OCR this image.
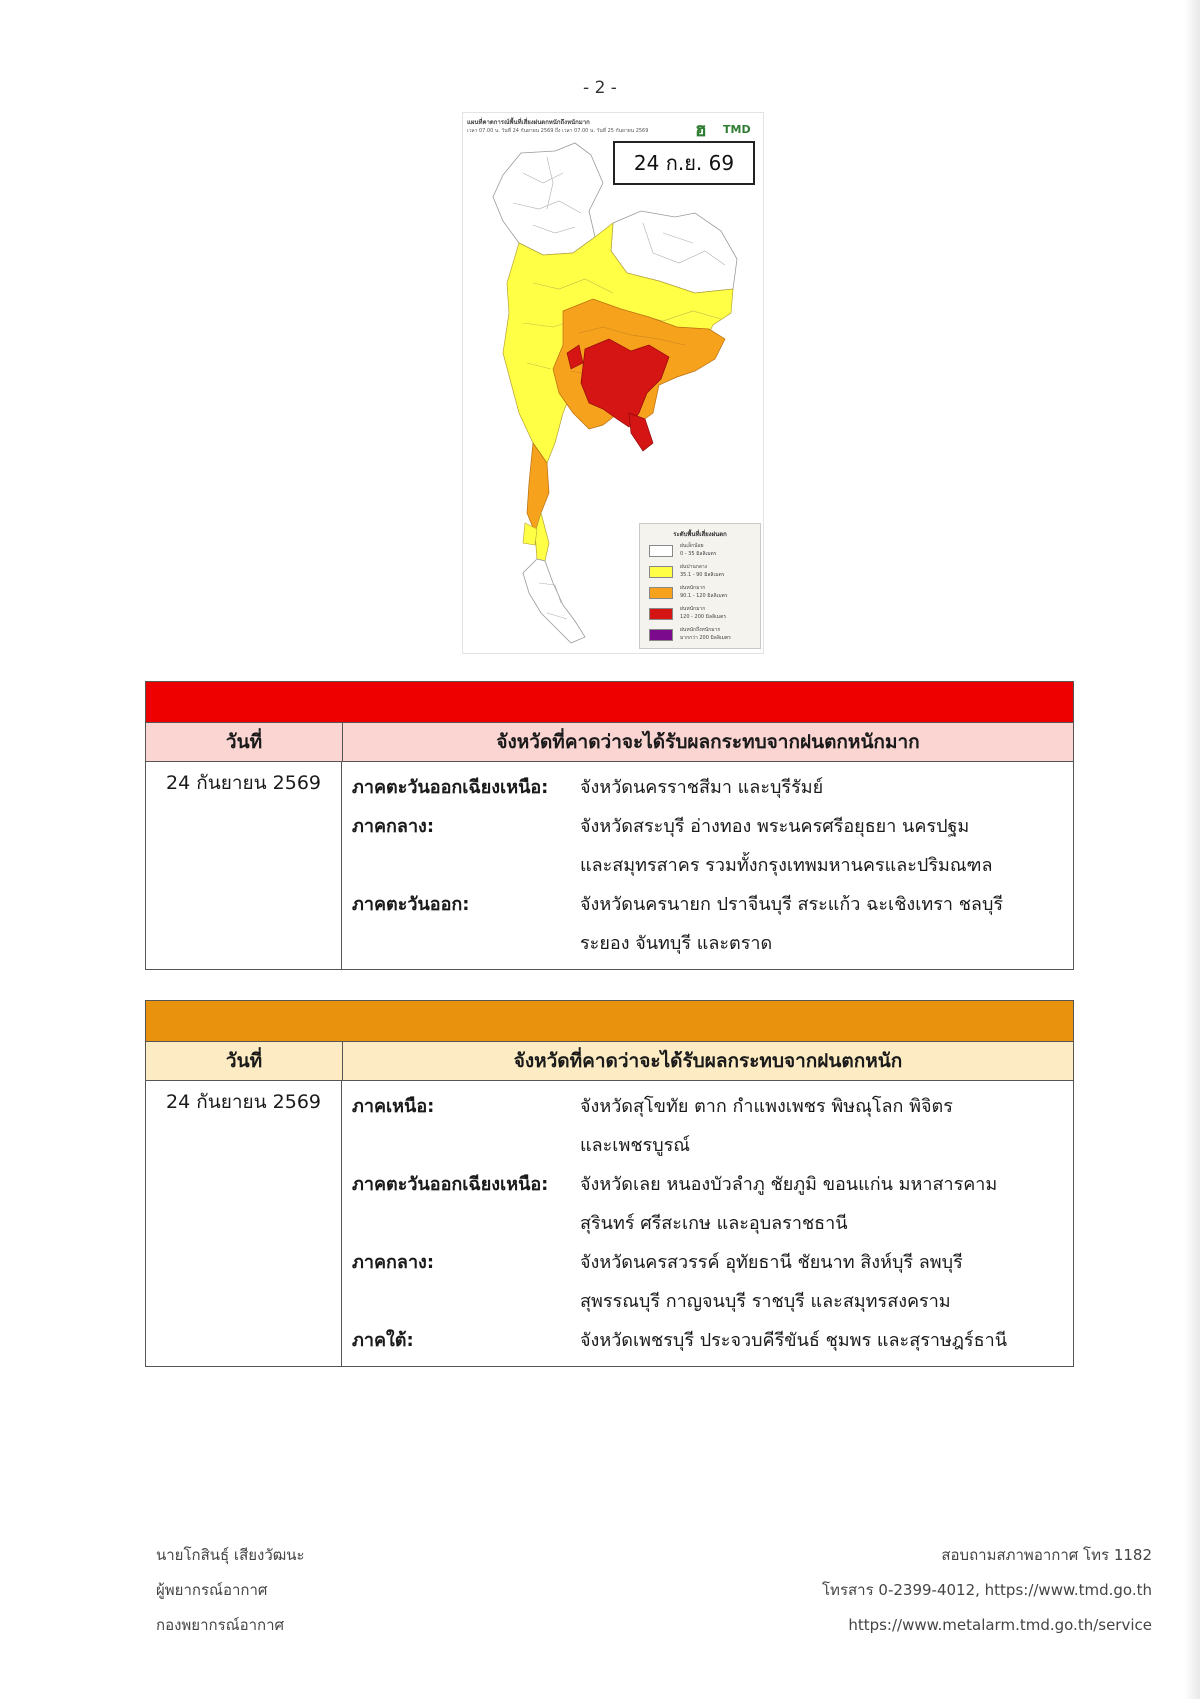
- 2 -
แผนที่คาดการณ์พื้นที่เสี่ยงฝนตกหนักถึงหนักมาก
เวลา 07.00 น. วันที่ 24 กันยายน 2569 ถึง เวลา 07.00 น. วันที่ 25 กันยายน 2569 ฮ TMD
24 ก.ย. 69
ระดับพื้นที่เสี่ยงฝนตก
ฝนเล็กน้อย
0 - 35 มิลลิเมตร
ฝนปานกลาง
35.1 - 90 มิลลิเมตร
ฝนหนักมาก
90.1 - 120 มิลลิเมตร
ฝนหนักมาก
120 - 200 มิลลิเมตร
ฝนหนักถึงหนักมาก
มากกว่า 200 มิลลิเมตร
วันที่	จังหวัดที่คาดว่าจะได้รับผลกระทบจากฝนตกหนักมาก
24 กันยายน 2569	ภาคตะวันออกเฉียงเหนือ:	จังหวัดนครราชสีมา และบุรีรัมย์
ภาคกลาง:	จังหวัดสระบุรี อ่างทอง พระนครศรีอยุธยา นครปฐม
และสมุทรสาคร รวมทั้งกรุงเทพมหานครและปริมณฑล
ภาคตะวันออก:	จังหวัดนครนายก ปราจีนบุรี สระแก้ว ฉะเชิงเทรา ชลบุรี
ระยอง จันทบุรี และตราด
วันที่	จังหวัดที่คาดว่าจะได้รับผลกระทบจากฝนตกหนัก
24 กันยายน 2569	ภาคเหนือ:	จังหวัดสุโขทัย ตาก กำแพงเพชร พิษณุโลก พิจิตร
และเพชรบูรณ์
ภาคตะวันออกเฉียงเหนือ:	จังหวัดเลย หนองบัวลำภู ชัยภูมิ ขอนแก่น มหาสารคาม
สุรินทร์ ศรีสะเกษ และอุบลราชธานี
ภาคกลาง:	จังหวัดนครสวรรค์ อุทัยธานี ชัยนาท สิงห์บุรี ลพบุรี
สุพรรณบุรี กาญจนบุรี ราชบุรี และสมุทรสงคราม
ภาคใต้:	จังหวัดเพชรบุรี ประจวบคีรีขันธ์ ชุมพร และสุราษฎร์ธานี
นายโกสินธุ์ เสียงวัฒนะ
ผู้พยากรณ์อากาศ
กองพยากรณ์อากาศ
สอบถามสภาพอากาศ โทร 1182
โทรสาร 0-2399-4012, https://www.tmd.go.th
https://www.metalarm.tmd.go.th/service
